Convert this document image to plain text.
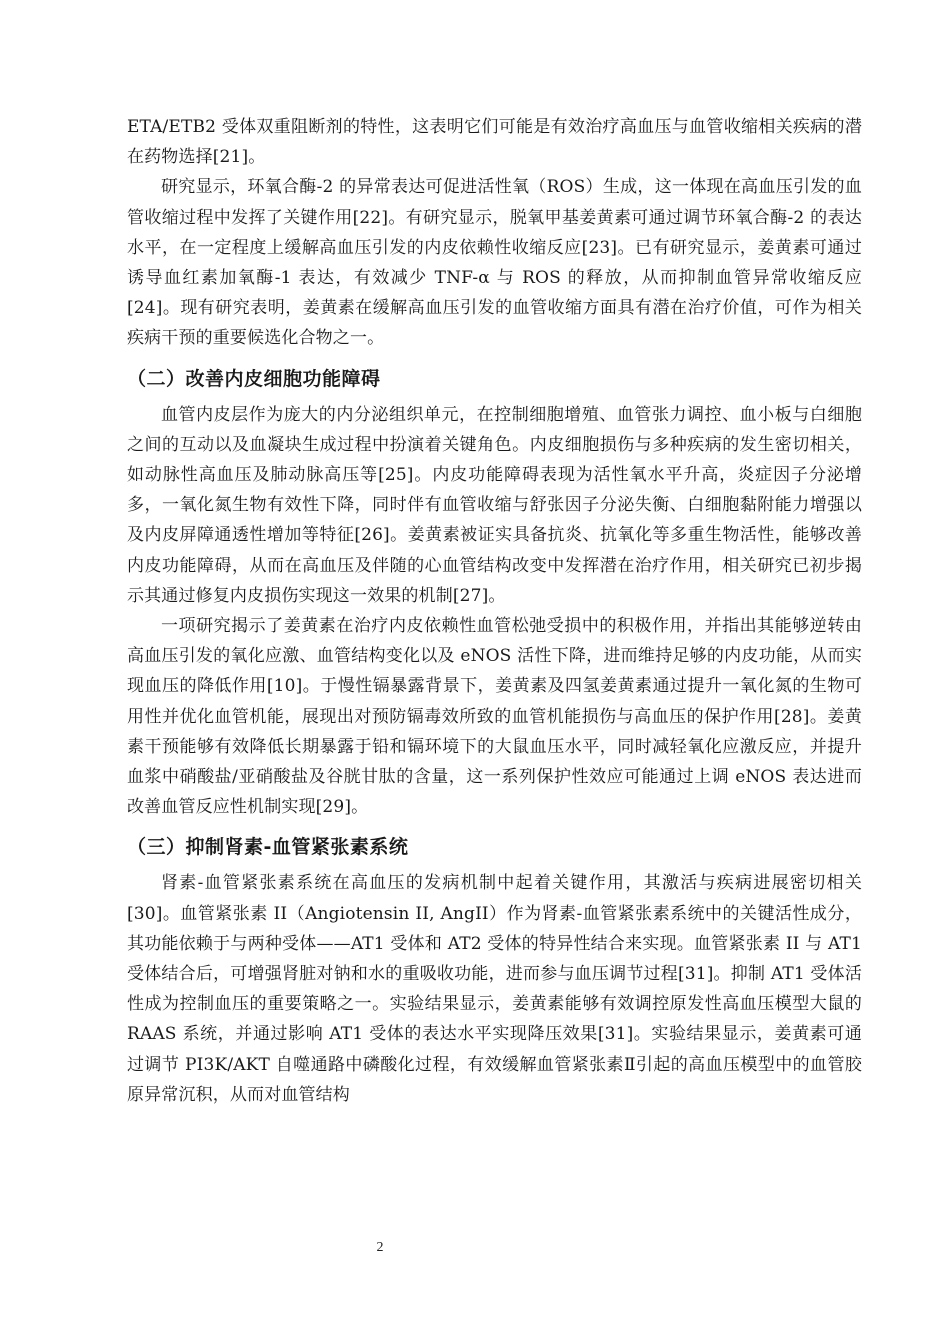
ETA/ETB2 受体双重阻断剂的特性，这表明它们可能是有效治疗高血压与血管收缩相关疾病的潜在药物选择[21]。

研究显示，环氧合酶-2 的异常表达可促进活性氧（ROS）生成，这一体现在高血压引发的血管收缩过程中发挥了关键作用[22]。有研究显示，脱氧甲基姜黄素可通过调节环氧合酶-2 的表达水平，在一定程度上缓解高血压引发的内皮依赖性收缩反应[23]。已有研究显示，姜黄素可通过诱导血红素加氧酶-1 表达，有效减少 TNF-α 与 ROS 的释放，从而抑制血管异常收缩反应[24]。现有研究表明，姜黄素在缓解高血压引发的血管收缩方面具有潜在治疗价值，可作为相关疾病干预的重要候选化合物之一。

（二）改善内皮细胞功能障碍

血管内皮层作为庞大的内分泌组织单元，在控制细胞增殖、血管张力调控、血小板与白细胞之间的互动以及血凝块生成过程中扮演着关键角色。内皮细胞损伤与多种疾病的发生密切相关，如动脉性高血压及肺动脉高压等[25]。内皮功能障碍表现为活性氧水平升高，炎症因子分泌增多，一氧化氮生物有效性下降，同时伴有血管收缩与舒张因子分泌失衡、白细胞黏附能力增强以及内皮屏障通透性增加等特征[26]。姜黄素被证实具备抗炎、抗氧化等多重生物活性，能够改善内皮功能障碍，从而在高血压及伴随的心血管结构改变中发挥潜在治疗作用，相关研究已初步揭示其通过修复内皮损伤实现这一效果的机制[27]。

一项研究揭示了姜黄素在治疗内皮依赖性血管松弛受损中的积极作用，并指出其能够逆转由高血压引发的氧化应激、血管结构变化以及 eNOS 活性下降，进而维持足够的内皮功能，从而实现血压的降低作用[10]。于慢性镉暴露背景下，姜黄素及四氢姜黄素通过提升一氧化氮的生物可用性并优化血管机能，展现出对预防镉毒效所致的血管机能损伤与高血压的保护作用[28]。姜黄素干预能够有效降低长期暴露于铅和镉环境下的大鼠血压水平，同时减轻氧化应激反应，并提升血浆中硝酸盐/亚硝酸盐及谷胱甘肽的含量，这一系列保护性效应可能通过上调 eNOS 表达进而改善血管反应性机制实现[29]。

（三）抑制肾素-血管紧张素系统

肾素-血管紧张素系统在高血压的发病机制中起着关键作用，其激活与疾病进展密切相关[30]。血管紧张素 II（Angiotensin II, AngII）作为肾素-血管紧张素系统中的关键活性成分，其功能依赖于与两种受体——AT1 受体和 AT2 受体的特异性结合来实现。血管紧张素 II 与 AT1 受体结合后，可增强肾脏对钠和水的重吸收功能，进而参与血压调节过程[31]。抑制 AT1 受体活性成为控制血压的重要策略之一。实验结果显示，姜黄素能够有效调控原发性高血压模型大鼠的 RAAS 系统，并通过影响 AT1 受体的表达水平实现降压效果[31]。实验结果显示，姜黄素可通过调节 PI3K/AKT 自噬通路中磷酸化过程，有效缓解血管紧张素Ⅱ引起的高血压模型中的血管胶原异常沉积，从而对血管结构

2
